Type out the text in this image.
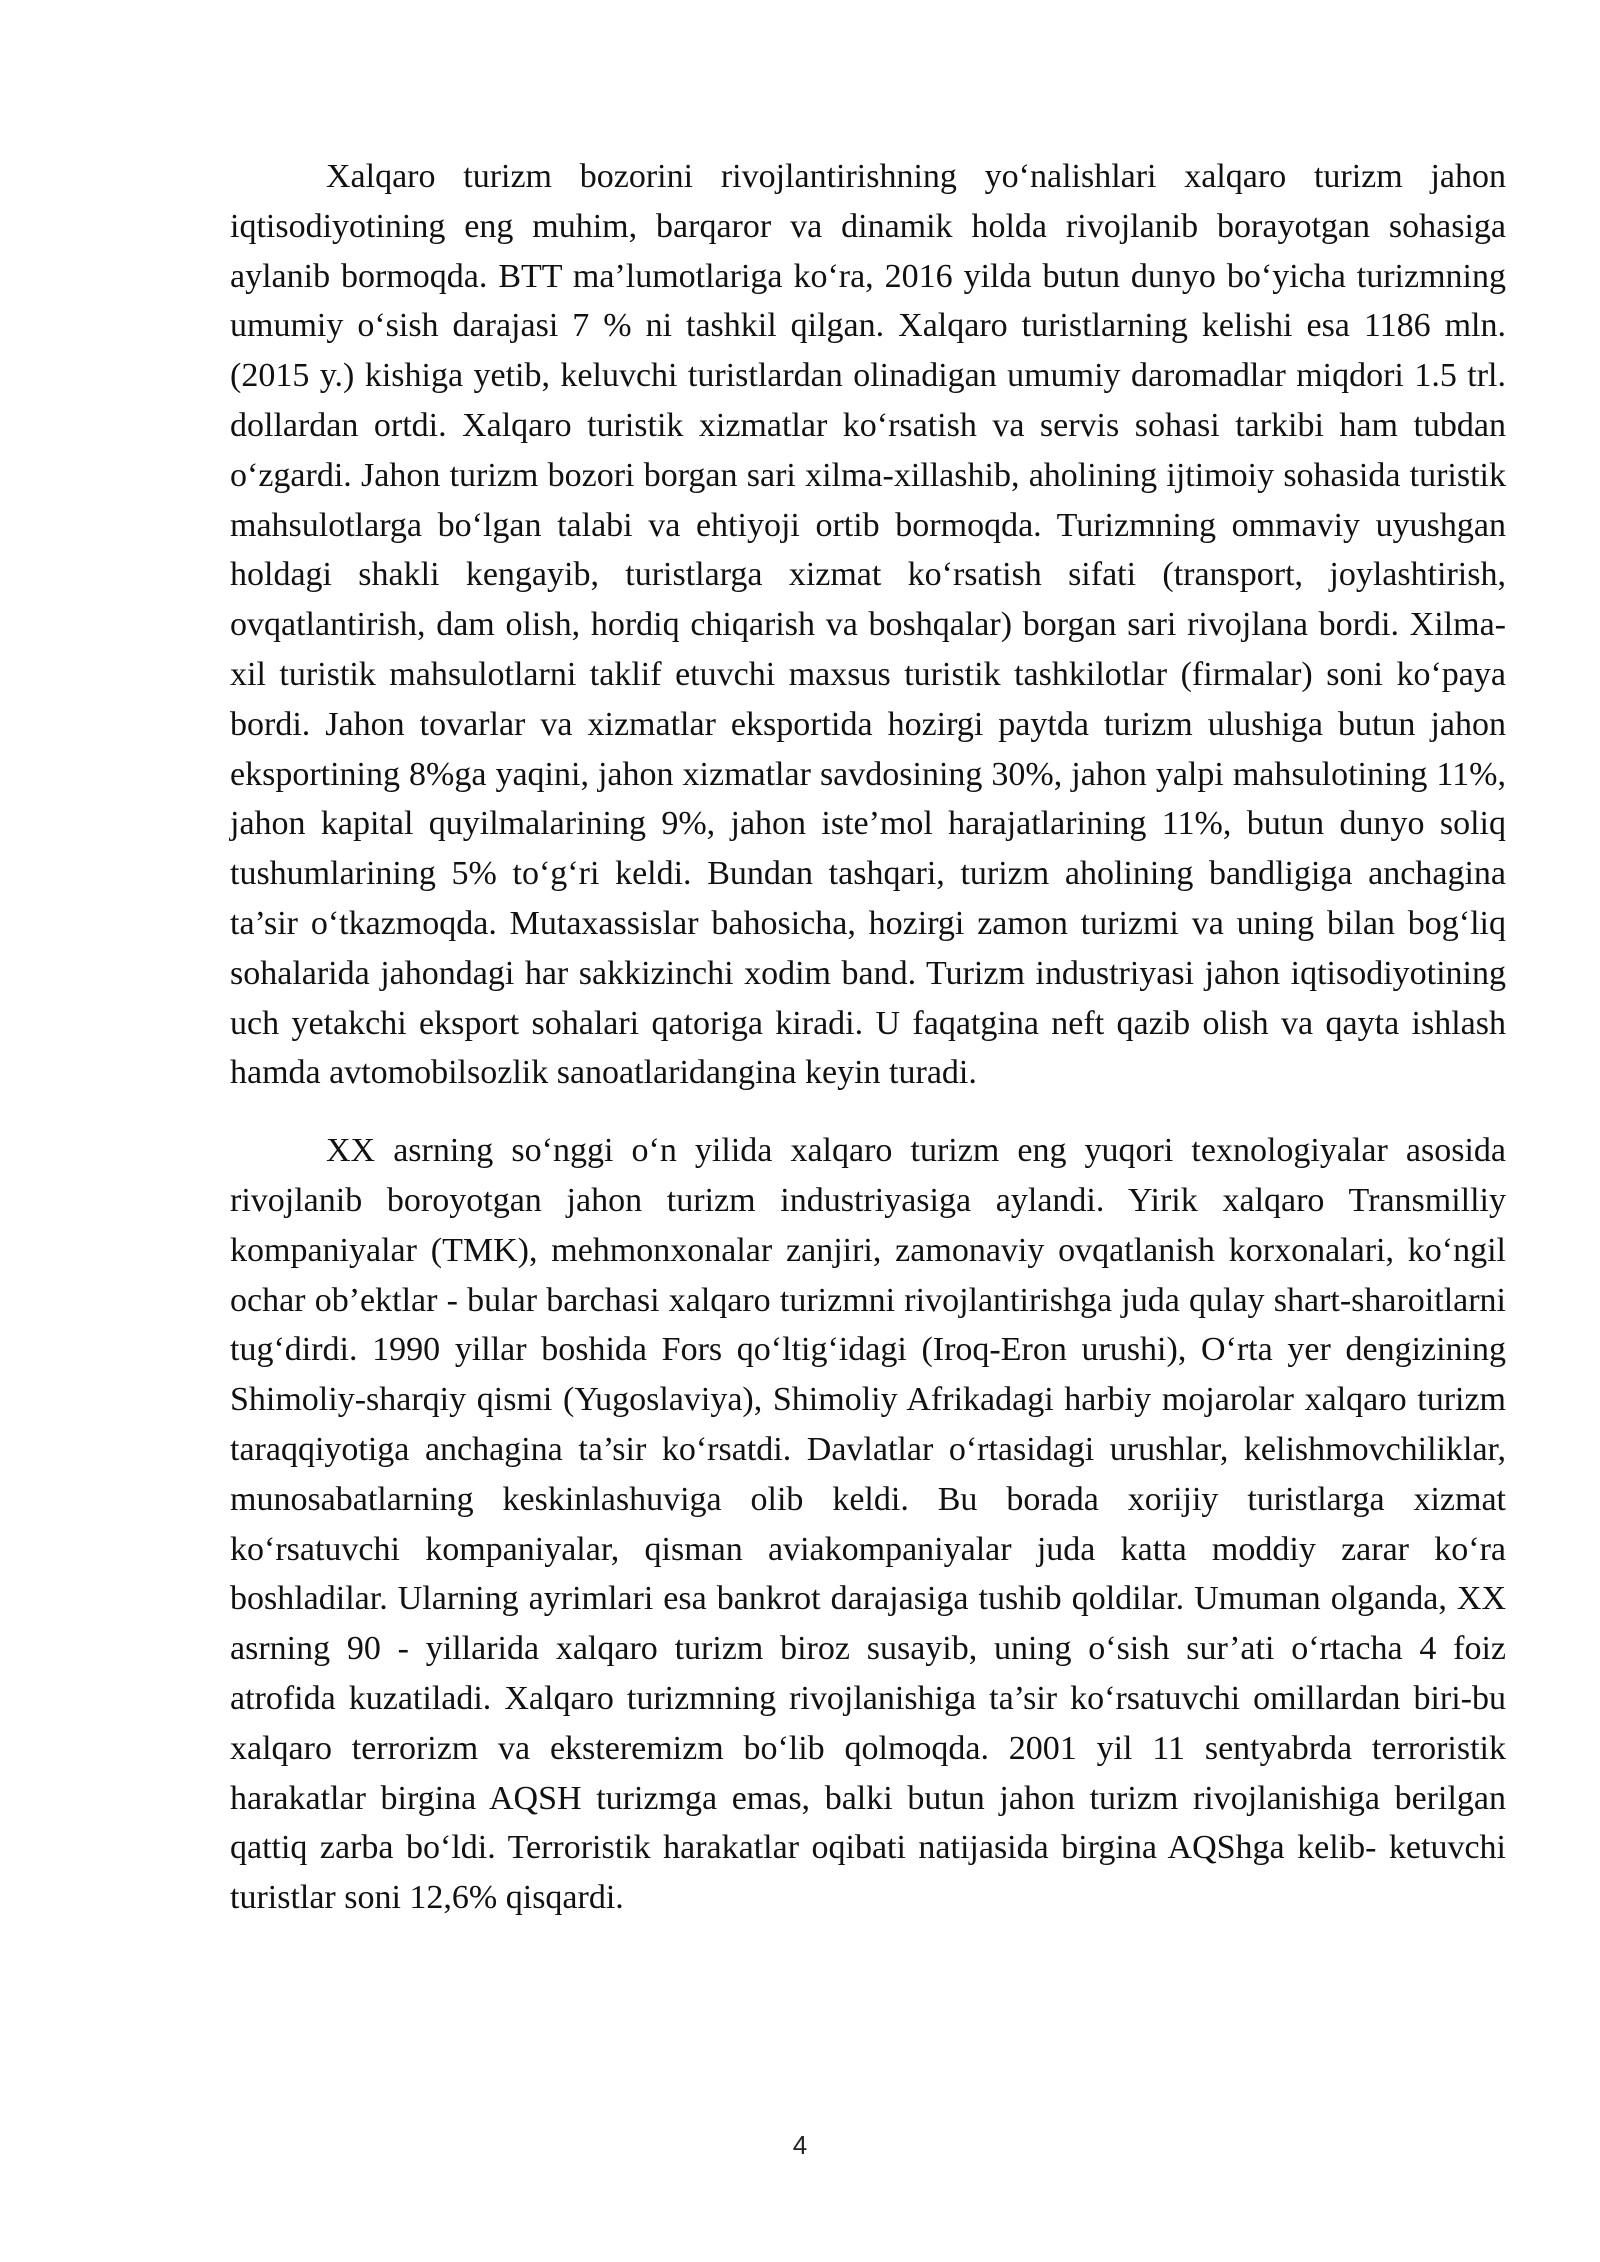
Xalqaro turizm bozorini rivojlantirishning yo‘nalishlari xalqaro turizm jahon iqtisodiyotining eng muhim, barqaror va dinamik holda rivojlanib borayotgan sohasiga aylanib bormoqda. BTT ma’lumotlariga ko‘ra, 2016 yilda butun dunyo bo‘yicha turizmning umumiy o‘sish darajasi 7 % ni tashkil qilgan. Xalqaro turistlarning kelishi esa 1186 mln. (2015 y.) kishiga yetib, keluvchi turistlardan olinadigan umumiy daromadlar miqdori 1.5 trl. dollardan ortdi. Xalqaro turistik xizmatlar ko‘rsatish va servis sohasi tarkibi ham tubdan o‘zgardi. Jahon turizm bozori borgan sari xilma-xillashib, aholining ijtimoiy sohasida turistik mahsulotlarga bo‘lgan talabi va ehtiyoji ortib bormoqda. Turizmning ommaviy uyushgan holdagi shakli kengayib, turistlarga xizmat ko‘rsatish sifati (transport, joylashtirish, ovqatlantirish, dam olish, hordiq chiqarish va boshqalar) borgan sari rivojlana bordi. Xilma-xil turistik mahsulotlarni taklif etuvchi maxsus turistik tashkilotlar (firmalar) soni ko‘paya bordi. Jahon tovarlar va xizmatlar eksportida hozirgi paytda turizm ulushiga butun jahon eksportining 8%ga yaqini, jahon xizmatlar savdosining 30%, jahon yalpi mahsulotining 11%, jahon kapital quyilmalarining 9%, jahon iste’mol harajatlarining 11%, butun dunyo soliq tushumlarining 5% to‘g‘ri keldi. Bundan tashqari, turizm aholining bandligiga anchagina ta’sir o‘tkazmoqda. Mutaxassislar bahosicha, hozirgi zamon turizmi va uning bilan bog‘liq sohalarida jahondagi har sakkizinchi xodim band. Turizm industriyasi jahon iqtisodiyotining uch yetakchi eksport sohalari qatoriga kiradi. U faqatgina neft qazib olish va qayta ishlash hamda avtomobilsozlik sanoatlaridangina keyin turadi.

XX asrning so‘nggi o‘n yilida xalqaro turizm eng yuqori texnologiyalar asosida rivojlanib boroyotgan jahon turizm industriyasiga aylandi. Yirik xalqaro Transmilliy kompaniyalar (TMK), mehmonxonalar zanjiri, zamonaviy ovqatlanish korxonalari, ko‘ngil ochar ob’ektlar - bular barchasi xalqaro turizmni rivojlantirishga juda qulay shart-sharoitlarni tug‘dirdi. 1990 yillar boshida Fors qo‘ltig‘idagi (Iroq-Eron urushi), O‘rta yer dengizining Shimoliy-sharqiy qismi (Yugoslaviya), Shimoliy Afrikadagi harbiy mojarolar xalqaro turizm taraqqiyotiga anchagina ta’sir ko‘rsatdi. Davlatlar o‘rtasidagi urushlar, kelishmovchiliklar, munosabatlarning keskinlashuviga olib keldi. Bu borada xorijiy turistlarga xizmat ko‘rsatuvchi kompaniyalar, qisman aviakompaniyalar juda katta moddiy zarar ko‘ra boshladilar. Ularning ayrimlari esa bankrot darajasiga tushib qoldilar. Umuman olganda, XX asrning 90 - yillarida xalqaro turizm biroz susayib, uning o‘sish sur’ati o‘rtacha 4 foiz atrofida kuzatiladi. Xalqaro turizmning rivojlanishiga ta’sir ko‘rsatuvchi omillardan biri-bu xalqaro terrorizm va eksteremizm bo‘lib qolmoqda. 2001 yil 11 sentyabrda terroristik harakatlar birgina AQSH turizmga emas, balki butun jahon turizm rivojlanishiga berilgan qattiq zarba bo‘ldi. Terroristik harakatlar oqibati natijasida birgina AQShga kelib- ketuvchi turistlar soni 12,6% qisqardi.

4
